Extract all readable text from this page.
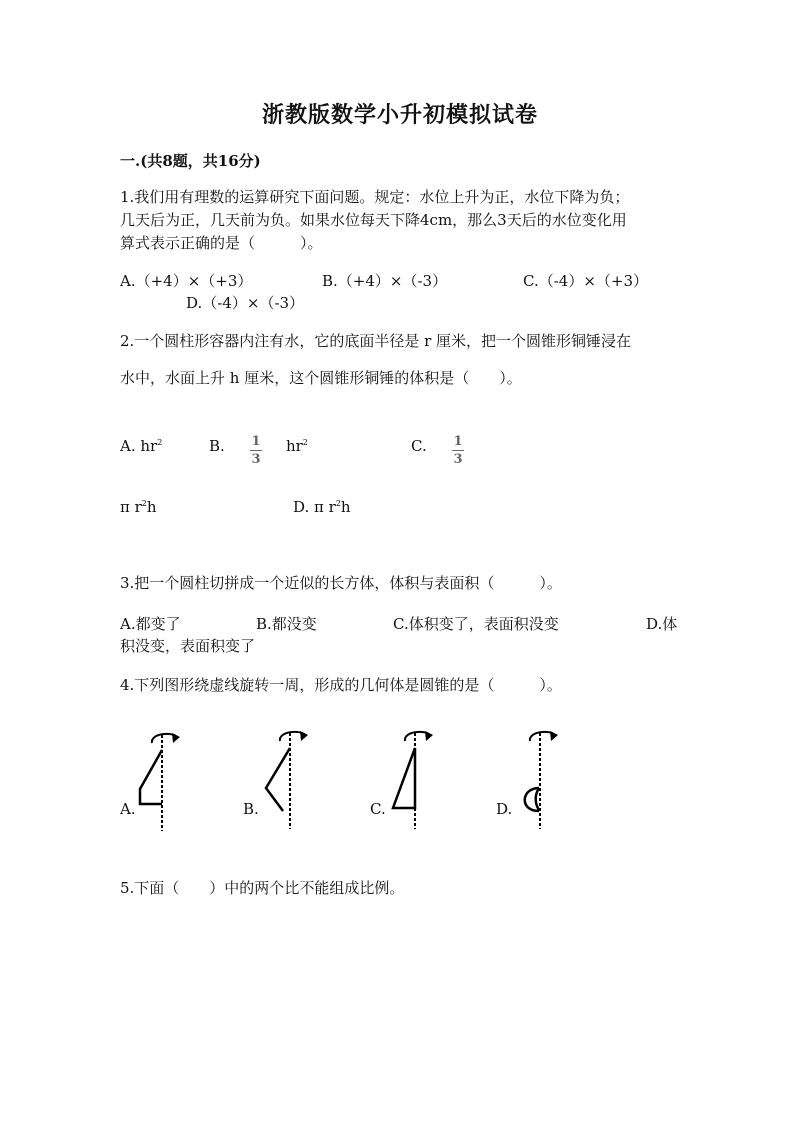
浙教版数学小升初模拟试卷
一.(共8题，共16分)
1.我们用有理数的运算研究下面问题。规定：水位上升为正，水位下降为负；
几天后为正，几天前为负。如果水位每天下降4cm，那么3天后的水位变化用
算式表示正确的是（　　　）。
A.（+4）×（+3）	B.（+4）×（-3）	C.（-4）×（+3）
D.（-4）×（-3）
2.一个圆柱形容器内注有水，它的底面半径是 r 厘米，把一个圆锥形铜锤浸在
水中，水面上升 h 厘米，这个圆锥形铜锤的体积是（　　）。
A. $hr^2$	B. $\frac{1}{3} hr^2$	C. $\frac{1}{3}$
π $r^2h$	D. π $r^2h$
3.把一个圆柱切拼成一个近似的长方体，体积与表面积（　　　）。
A.都变了	B.都没变	C.体积变了，表面积没变	D.体
积没变，表面积变了
4.下列图形绕虚线旋转一周，形成的几何体是圆锥的是（　　　）。
A.	B.	C.	D.
5.下面（　　）中的两个比不能组成比例。
